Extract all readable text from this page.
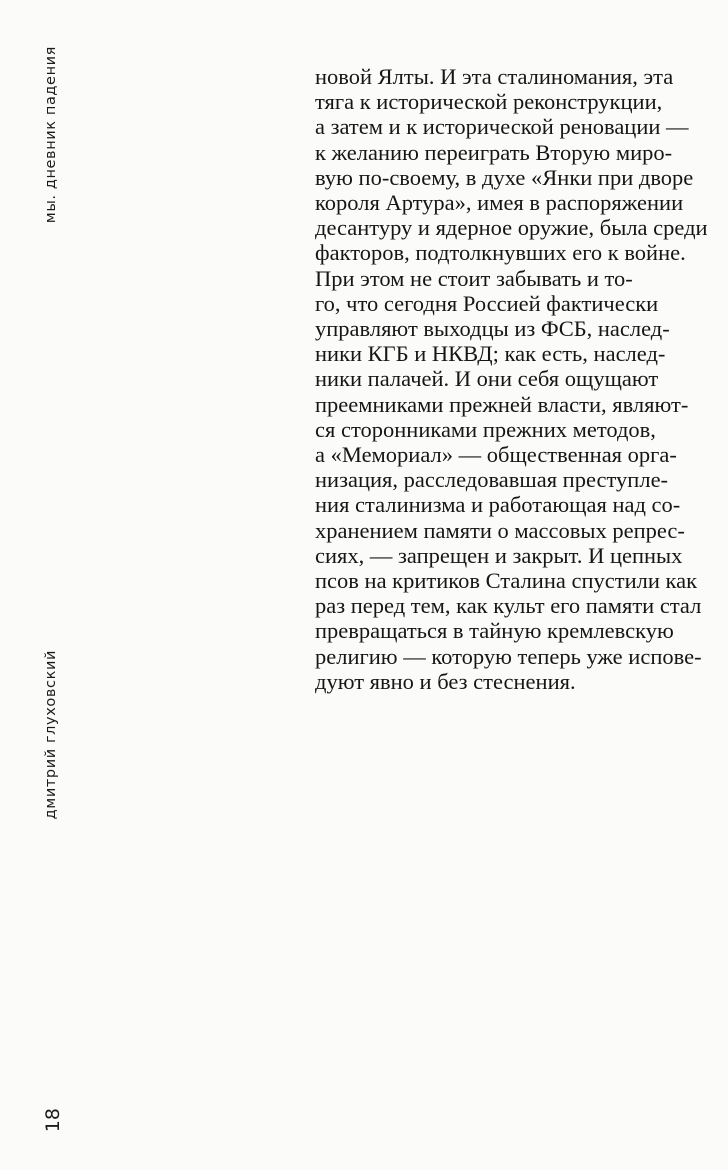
мы. дневник падения
дмитрий глуховский
18
новой Ялты. И эта сталиномания, эта
тяга к исторической реконструкции,
а затем и к исторической реновации —
к желанию переиграть Вторую миро-
вую по-своему, в духе «Янки при дворе
короля Артура», имея в распоряжении
десантуру и ядерное оружие, была среди
факторов, подтолкнувших его к войне.
При этом не стоит забывать и то-
го, что сегодня Россией фактически
управляют выходцы из ФСБ, наслед-
ники КГБ и НКВД; как есть, наслед-
ники палачей. И они себя ощущают
преемниками прежней власти, являют-
ся сторонниками прежних методов,
а «Мемориал» — общественная орга-
низация, расследовавшая преступле-
ния сталинизма и работающая над со-
хранением памяти о массовых репрес-
сиях, — запрещен и закрыт. И цепных
псов на критиков Сталина спустили как
раз перед тем, как культ его памяти стал
превращаться в тайную кремлевскую
религию — которую теперь уже испове-
дуют явно и без стеснения.
